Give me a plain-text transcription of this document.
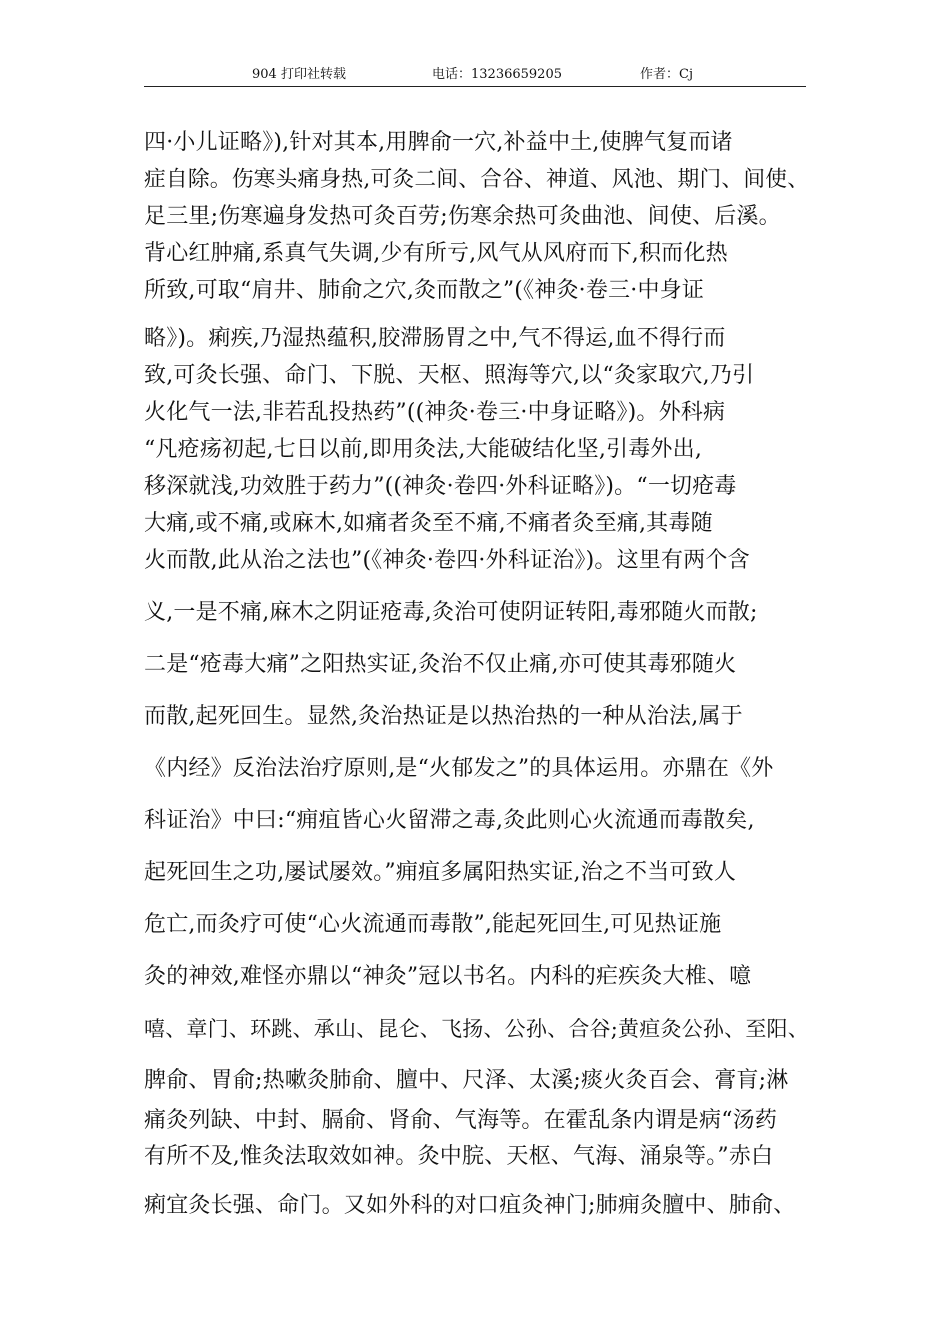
904 打印社转载	电话：13236659205	作者：Cj
四·小儿证略》),针对其本,用脾俞一穴,补益中土,使脾气复而诸
症自除。伤寒头痛身热,可灸二间、合谷、神道、风池、期门、间使、
足三里;伤寒遍身发热可灸百劳;伤寒余热可灸曲池、间使、后溪。
背心红肿痛,系真气失调,少有所亏,风气从风府而下,积而化热
所致,可取“肩井、肺俞之穴,灸而散之”(《神灸·卷三·中身证
略》)。痢疾,乃湿热蕴积,胶滞肠胃之中,气不得运,血不得行而
致,可灸长强、命门、下脱、天枢、照海等穴,以“灸家取穴,乃引
火化气一法,非若乱投热药”((神灸·卷三·中身证略》)。外科病
“凡疮疡初起,七日以前,即用灸法,大能破结化坚,引毒外出,
移深就浅,功效胜于药力”((神灸·卷四·外科证略》)。“一切疮毒
大痛,或不痛,或麻木,如痛者灸至不痛,不痛者灸至痛,其毒随
火而散,此从治之法也”(《神灸·卷四·外科证治》)。这里有两个含
义,一是不痛,麻木之阴证疮毒,灸治可使阴证转阳,毒邪随火而散;
二是“疮毒大痛”之阳热实证,灸治不仅止痛,亦可使其毒邪随火
而散,起死回生。显然,灸治热证是以热治热的一种从治法,属于
《内经》反治法治疗原则,是“火郁发之”的具体运用。亦鼎在《外
科证治》中曰:“痈疽皆心火留滞之毒,灸此则心火流通而毒散矣,
起死回生之功,屡试屡效。”痈疽多属阳热实证,治之不当可致人
危亡,而灸疗可使“心火流通而毒散”,能起死回生,可见热证施
灸的神效,难怪亦鼎以“神灸”冠以书名。内科的疟疾灸大椎、噫
嘻、章门、环跳、承山、昆仑、飞扬、公孙、合谷;黄疸灸公孙、至阳、
脾俞、胃俞;热嗽灸肺俞、膻中、尺泽、太溪;痰火灸百会、膏肓;淋
痛灸列缺、中封、膈俞、肾俞、气海等。在霍乱条内谓是病“汤药
有所不及,惟灸法取效如神。灸中脘、天枢、气海、涌泉等。”赤白
痢宜灸长强、命门。又如外科的对口疽灸神门;肺痈灸膻中、肺俞、
